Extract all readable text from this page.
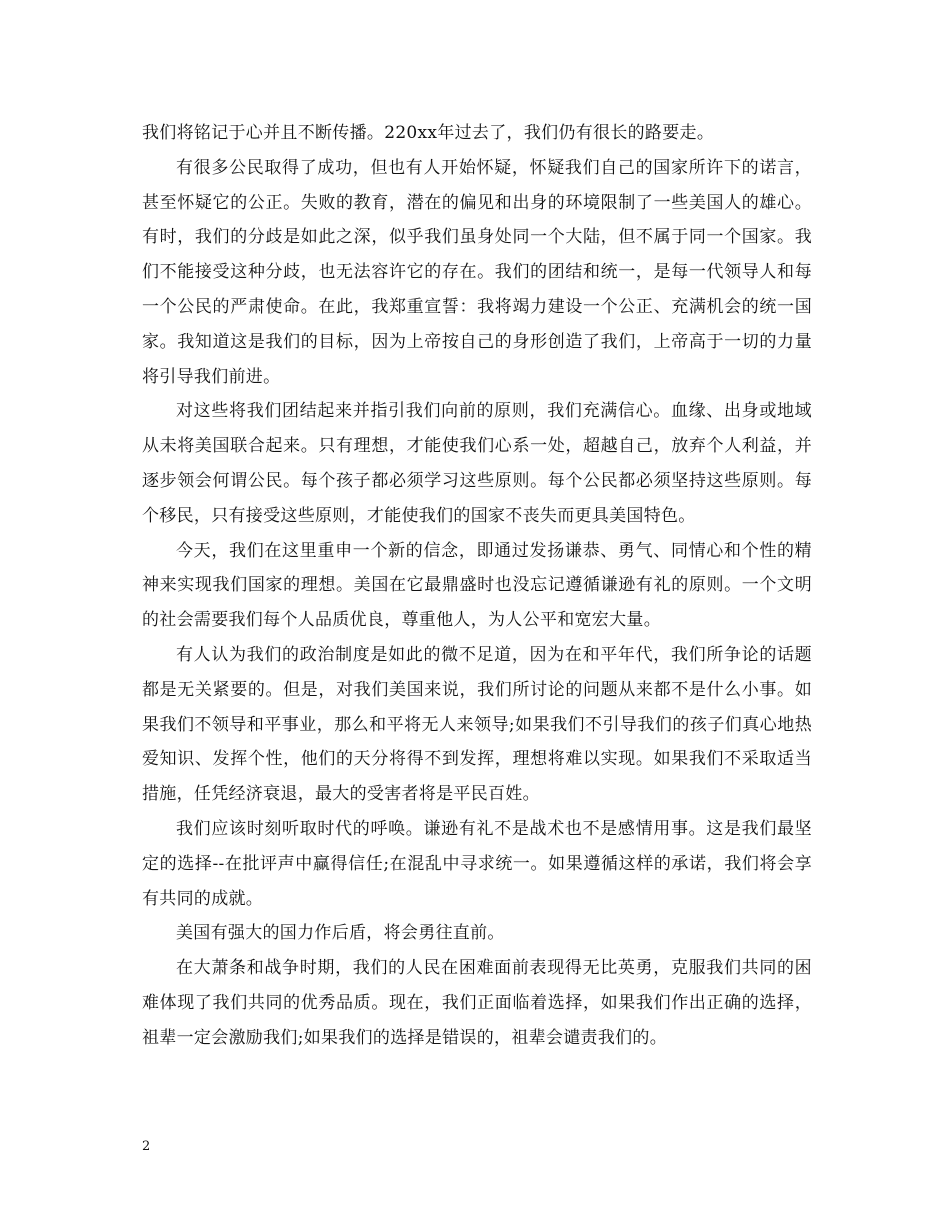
我们将铭记于心并且不断传播。220xx年过去了，我们仍有很长的路要走。

有很多公民取得了成功，但也有人开始怀疑，怀疑我们自己的国家所许下的诺言，甚至怀疑它的公正。失败的教育，潜在的偏见和出身的环境限制了一些美国人的雄心。有时，我们的分歧是如此之深，似乎我们虽身处同一个大陆，但不属于同一个国家。我们不能接受这种分歧，也无法容许它的存在。我们的团结和统一，是每一代领导人和每一个公民的严肃使命。在此，我郑重宣誓：我将竭力建设一个公正、充满机会的统一国家。我知道这是我们的目标，因为上帝按自己的身形创造了我们，上帝高于一切的力量将引导我们前进。

对这些将我们团结起来并指引我们向前的原则，我们充满信心。血缘、出身或地域从未将美国联合起来。只有理想，才能使我们心系一处，超越自己，放弃个人利益，并逐步领会何谓公民。每个孩子都必须学习这些原则。每个公民都必须坚持这些原则。每个移民，只有接受这些原则，才能使我们的国家不丧失而更具美国特色。

今天，我们在这里重申一个新的信念，即通过发扬谦恭、勇气、同情心和个性的精神来实现我们国家的理想。美国在它最鼎盛时也没忘记遵循谦逊有礼的原则。一个文明的社会需要我们每个人品质优良，尊重他人，为人公平和宽宏大量。

有人认为我们的政治制度是如此的微不足道，因为在和平年代，我们所争论的话题都是无关紧要的。但是，对我们美国来说，我们所讨论的问题从来都不是什么小事。如果我们不领导和平事业，那么和平将无人来领导;如果我们不引导我们的孩子们真心地热爱知识、发挥个性，他们的天分将得不到发挥，理想将难以实现。如果我们不采取适当措施，任凭经济衰退，最大的受害者将是平民百姓。

我们应该时刻听取时代的呼唤。谦逊有礼不是战术也不是感情用事。这是我们最坚定的选择--在批评声中赢得信任;在混乱中寻求统一。如果遵循这样的承诺，我们将会享有共同的成就。

美国有强大的国力作后盾，将会勇往直前。

在大萧条和战争时期，我们的人民在困难面前表现得无比英勇，克服我们共同的困难体现了我们共同的优秀品质。现在，我们正面临着选择，如果我们作出正确的选择，祖辈一定会激励我们;如果我们的选择是错误的，祖辈会谴责我们的。

2
